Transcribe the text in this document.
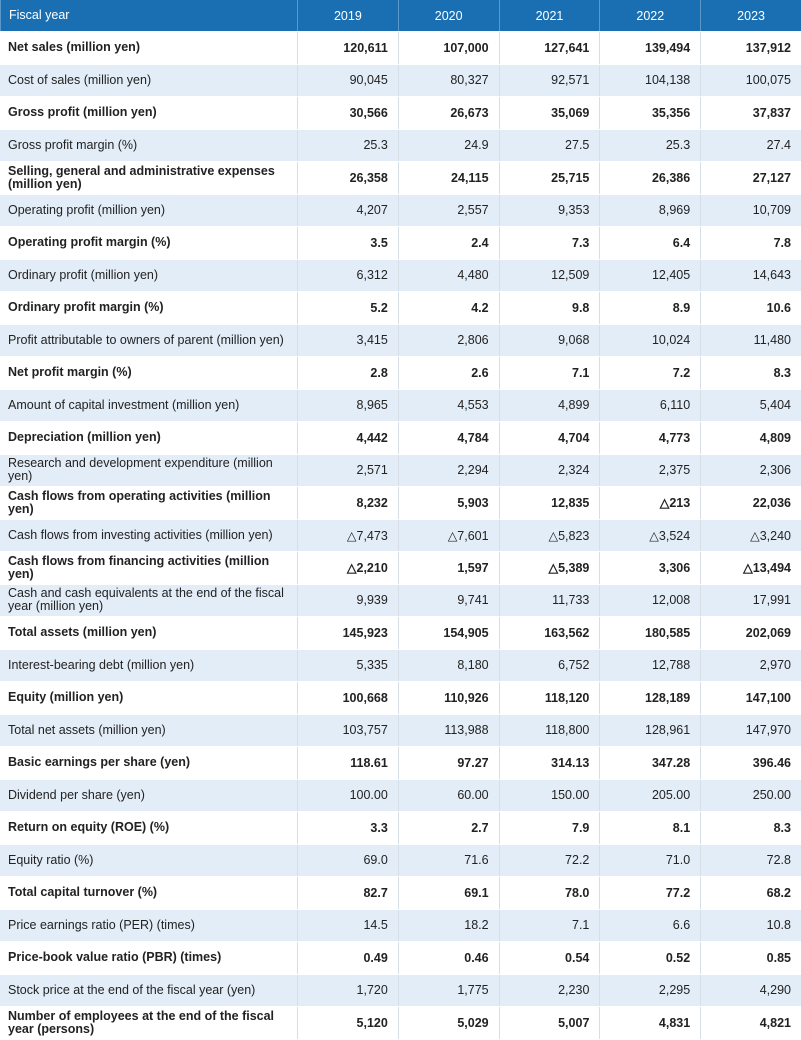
Fiscal year	2019	2020	2021	2022	2023
Net sales (million yen)	120,611	107,000	127,641	139,494	137,912
Cost of sales (million yen)	90,045	80,327	92,571	104,138	100,075
Gross profit (million yen)	30,566	26,673	35,069	35,356	37,837
Gross profit margin (%)	25.3	24.9	27.5	25.3	27.4
Selling, general and administrative expenses (million yen)	26,358	24,115	25,715	26,386	27,127
Operating profit (million yen)	4,207	2,557	9,353	8,969	10,709
Operating profit margin (%)	3.5	2.4	7.3	6.4	7.8
Ordinary profit (million yen)	6,312	4,480	12,509	12,405	14,643
Ordinary profit margin (%)	5.2	4.2	9.8	8.9	10.6
Profit attributable to owners of parent (million yen)	3,415	2,806	9,068	10,024	11,480
Net profit margin (%)	2.8	2.6	7.1	7.2	8.3
Amount of capital investment (million yen)	8,965	4,553	4,899	6,110	5,404
Depreciation (million yen)	4,442	4,784	4,704	4,773	4,809
Research and development expenditure (million yen)	2,571	2,294	2,324	2,375	2,306
Cash flows from operating activities (million yen)	8,232	5,903	12,835	△213	22,036
Cash flows from investing activities (million yen)	△7,473	△7,601	△5,823	△3,524	△3,240
Cash flows from financing activities (million yen)	△2,210	1,597	△5,389	3,306	△13,494
Cash and cash equivalents at the end of the fiscal year (million yen)	9,939	9,741	11,733	12,008	17,991
Total assets (million yen)	145,923	154,905	163,562	180,585	202,069
Interest-bearing debt (million yen)	5,335	8,180	6,752	12,788	2,970
Equity (million yen)	100,668	110,926	118,120	128,189	147,100
Total net assets (million yen)	103,757	113,988	118,800	128,961	147,970
Basic earnings per share (yen)	118.61	97.27	314.13	347.28	396.46
Dividend per share (yen)	100.00	60.00	150.00	205.00	250.00
Return on equity (ROE) (%)	3.3	2.7	7.9	8.1	8.3
Equity ratio (%)	69.0	71.6	72.2	71.0	72.8
Total capital turnover (%)	82.7	69.1	78.0	77.2	68.2
Price earnings ratio (PER) (times)	14.5	18.2	7.1	6.6	10.8
Price-book value ratio (PBR) (times)	0.49	0.46	0.54	0.52	0.85
Stock price at the end of the fiscal year (yen)	1,720	1,775	2,230	2,295	4,290
Number of employees at the end of the fiscal year (persons)	5,120	5,029	5,007	4,831	4,821
